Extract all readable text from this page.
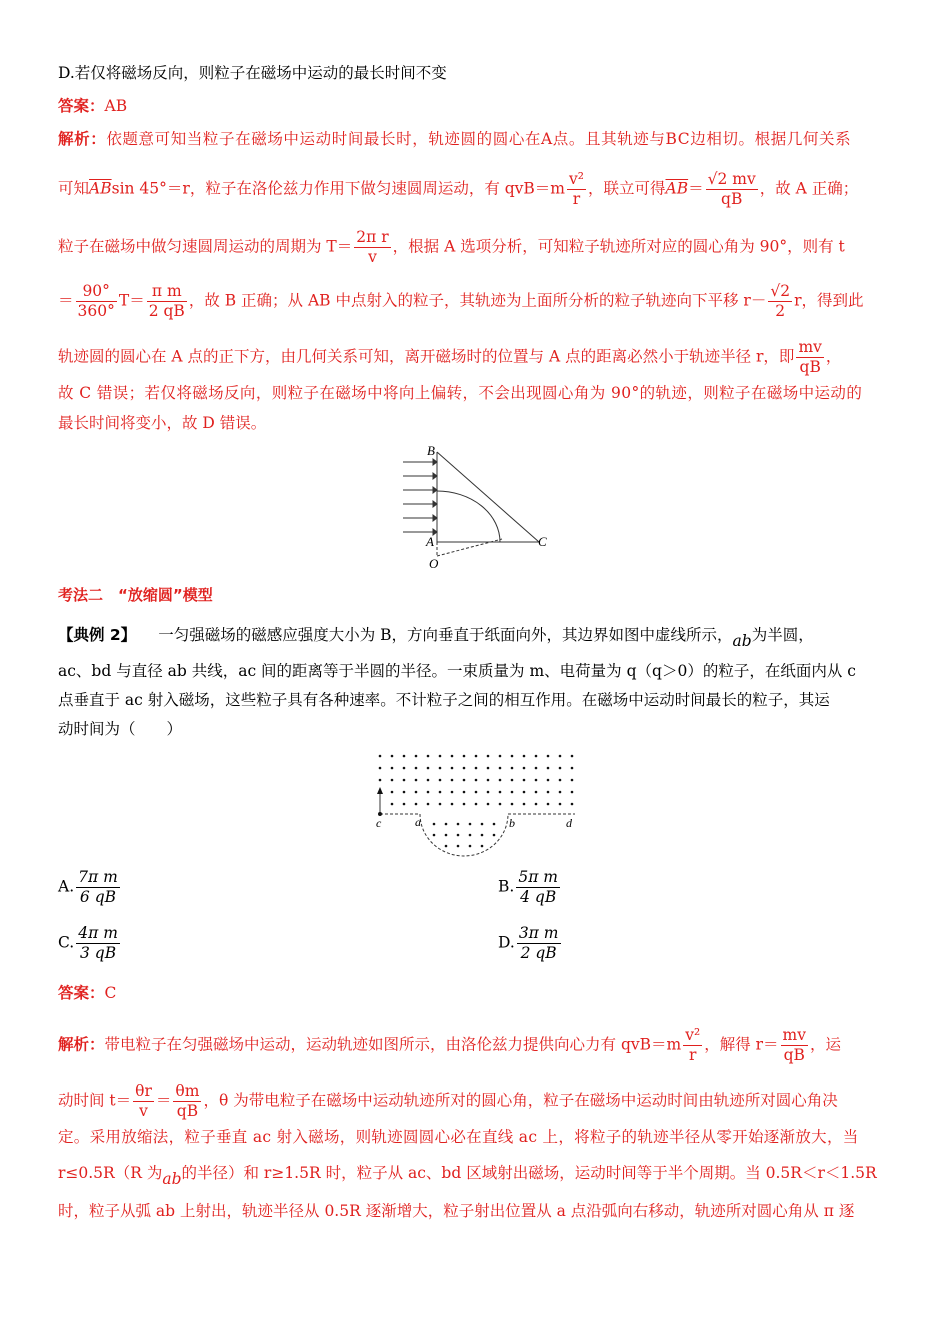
D.若仅将磁场反向，则粒子在磁场中运动的最长时间不变
答案：AB
解析：依题意可知当粒子在磁场中运动时间最长时，轨迹圆的圆心在A点。且其轨迹与BC边相切。根据几何关系
可知$\overline{AB}\sin$ 45°＝r，粒子在洛伦兹力作用下做匀速圆周运动，有 $qvB=m \frac{\text{v²}}{r}$ ，联立可得$\overline{AB}= \frac{√2 mv}{qB}$ ，故 A 正确；
粒子在磁场中做匀速圆周运动的周期为 $T= \frac{\text{2π r}}{v}$ ，根据 A 选项分析，可知粒子轨迹所对应的圆心角为 90°，则有 t
＝ $\frac{90^\circ}{360^\circ} T= \frac{\text{π m}}{2 qB}$ ，故 B 正确；从 AB 中点射入的粒子，其轨迹为上面所分析的粒子轨迹向下平移 $r- \frac{√2}{2}$ r，得到此
轨迹圆的圆心在 A 点的正下方，由几何关系可知，离开磁场时的位置与 A 点的距离必然小于轨迹半径 r，即 $\frac{mv}{qB}$ ，
故 C 错误；若仅将磁场反向，则粒子在磁场中将向上偏转，不会出现圆心角为 90°的轨迹，则粒子在磁场中运动的
最长时间将变小，故 D 错误。
B
A	C
O
考法二　“放缩圆”模型
【典例 2】 一匀强磁场的磁感应强度大小为 B，方向垂直于纸面向外，其边界如图中虚线所示，ab为半圆，
ac、bd 与直径 ab 共线，ac 间的距离等于半圆的半径。一束质量为 m、电荷量为 q（q＞0）的粒子，在纸面内从 c
点垂直于 ac 射入磁场，这些粒子具有各种速率。不计粒子之间的相互作用。在磁场中运动时间最长的粒子，其运
动时间为（　　）
c	a	b	d
A. $\frac{\text{7π m}}{6 qB}$	B. $\frac{\text{5π m}}{4 qB}$
C. $\frac{\text{4π m}}{3 qB}$	D. $\frac{\text{3π m}}{2 qB}$
答案：C
解析：带电粒子在匀强磁场中运动，运动轨迹如图所示，由洛伦兹力提供向心力有 $qvB=m \frac{\text{v²}}{r}$ ，解得 $r= \frac{mv}{qB}$ ，运
动时间 $t= \frac{\theta r}{v} = \frac{\theta m}{qB}$ ，θ 为带电粒子在磁场中运动轨迹所对的圆心角，粒子在磁场中运动时间由轨迹所对圆心角决
定。采用放缩法，粒子垂直 ac 射入磁场，则轨迹圆圆心必在直线 ac 上，将粒子的轨迹半径从零开始逐渐放大，当
r≤0.5R（R 为ab的半径）和 r≥1.5R 时，粒子从 ac、bd 区域射出磁场，运动时间等于半个周期。当 0.5R＜r＜1.5R
时，粒子从弧 ab 上射出，轨迹半径从 0.5R 逐渐增大，粒子射出位置从 a 点沿弧向右移动，轨迹所对圆心角从 π 逐
